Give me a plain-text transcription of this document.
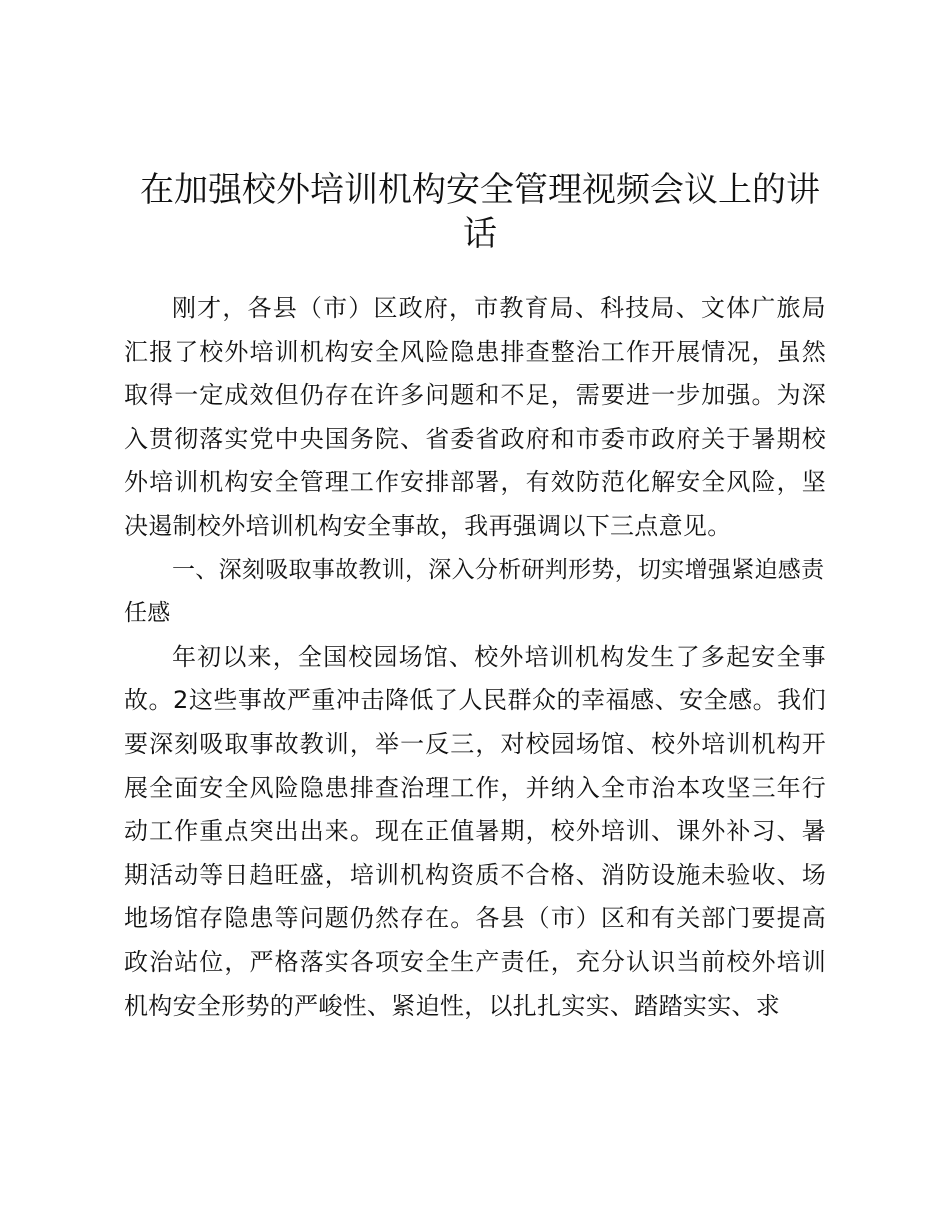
在加强校外培训机构安全管理视频会议上的讲话

刚才，各县（市）区政府，市教育局、科技局、文体广旅局汇报了校外培训机构安全风险隐患排查整治工作开展情况，虽然取得一定成效但仍存在许多问题和不足，需要进一步加强。为深入贯彻落实党中央国务院、省委省政府和市委市政府关于暑期校外培训机构安全管理工作安排部署，有效防范化解安全风险，坚决遏制校外培训机构安全事故，我再强调以下三点意见。

一、深刻吸取事故教训，深入分析研判形势，切实增强紧迫感责任感

年初以来，全国校园场馆、校外培训机构发生了多起安全事故。2这些事故严重冲击降低了人民群众的幸福感、安全感。我们要深刻吸取事故教训，举一反三，对校园场馆、校外培训机构开展全面安全风险隐患排查治理工作，并纳入全市治本攻坚三年行动工作重点突出出来。现在正值暑期，校外培训、课外补习、暑期活动等日趋旺盛，培训机构资质不合格、消防设施未验收、场地场馆存隐患等问题仍然存在。各县（市）区和有关部门要提高政治站位，严格落实各项安全生产责任，充分认识当前校外培训机构安全形势的严峻性、紧迫性，以扎扎实实、踏踏实实、求
